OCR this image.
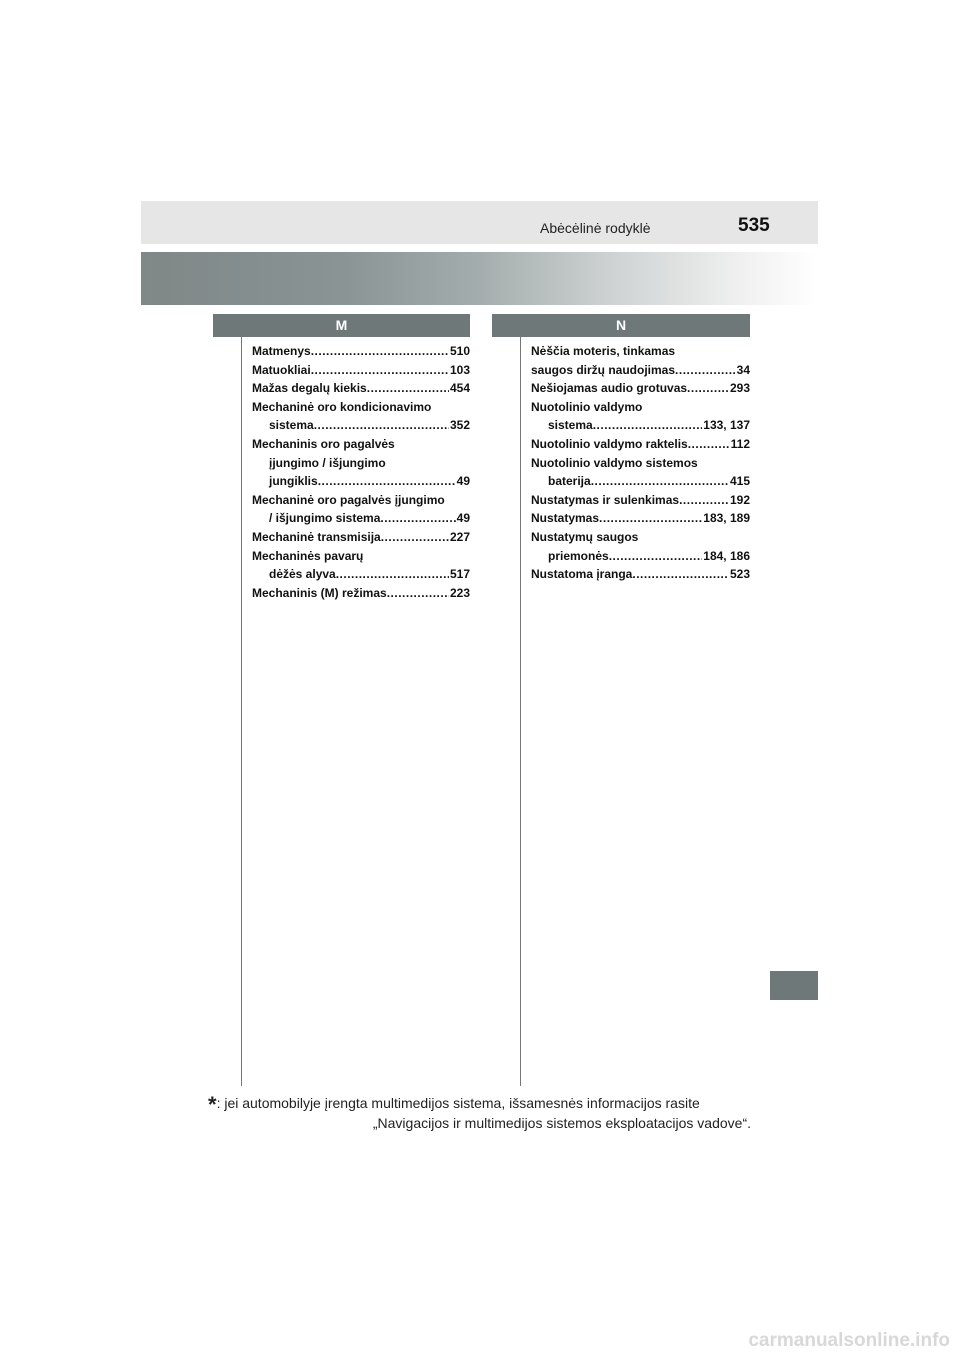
Abėcėlinė rodyklė	535
M	N
Matmenys .....	510
Matuokliai .....	103
Mažas degalų kiekis .....	454
Mechaninė oro kondicionavimo
sistema .....	352
Mechaninis oro pagalvės
įjungimo / išjungimo
jungiklis .....	49
Mechaninė oro pagalvės įjungimo
/ išjungimo sistema .....	49
Mechaninė transmisija .....	227
Mechaninės pavarų
dėžės alyva .....	517
Mechaninis (M) režimas .....	223
Nėščia moteris, tinkamas
saugos diržų naudojimas .....	34
Nešiojamas audio grotuvas .....	293
Nuotolinio valdymo
sistema .....	133, 137
Nuotolinio valdymo raktelis .....	112
Nuotolinio valdymo sistemos
baterija .....	415
Nustatymas ir sulenkimas .....	192
Nustatymas .....	183, 189
Nustatymų saugos
priemonės .....	184, 186
Nustatoma įranga .....	523
*: jei automobilyje įrengta multimedijos sistema, išsamesnės informacijos rasite
„Navigacijos ir multimedijos sistemos eksploatacijos vadove“.
carmanualsonline.info
